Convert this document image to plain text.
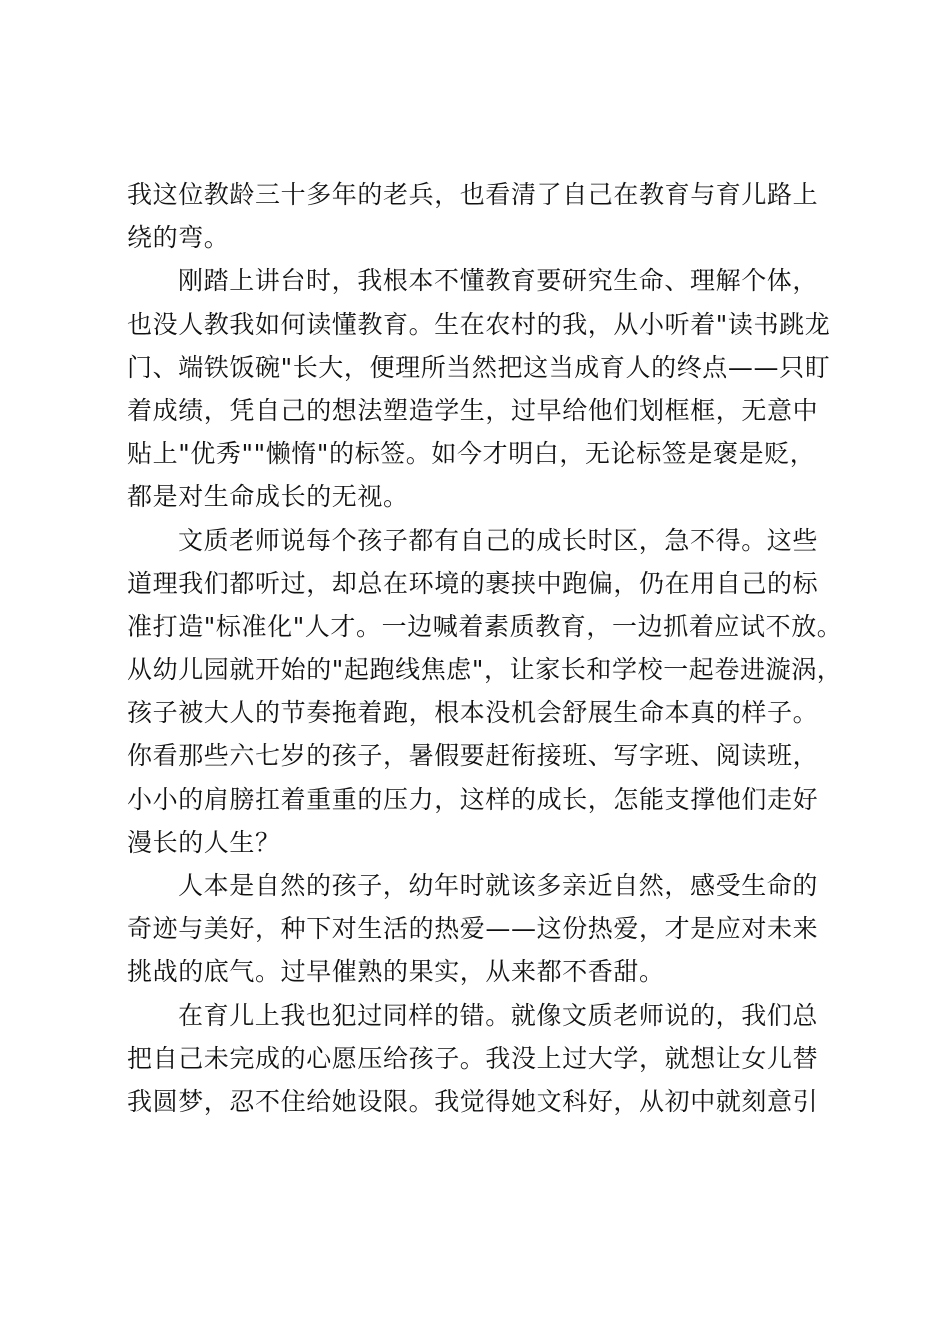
我这位教龄三十多年的老兵，也看清了自己在教育与育儿路上
绕的弯。
刚踏上讲台时，我根本不懂教育要研究生命、理解个体，
也没人教我如何读懂教育。生在农村的我，从小听着"读书跳龙
门、端铁饭碗"长大，便理所当然把这当成育人的终点——只盯
着成绩，凭自己的想法塑造学生，过早给他们划框框，无意中
贴上"优秀""懒惰"的标签。如今才明白，无论标签是褒是贬，
都是对生命成长的无视。
文质老师说每个孩子都有自己的成长时区，急不得。这些
道理我们都听过，却总在环境的裹挟中跑偏，仍在用自己的标
准打造"标准化"人才。一边喊着素质教育，一边抓着应试不放。
从幼儿园就开始的"起跑线焦虑"，让家长和学校一起卷进漩涡，
孩子被大人的节奏拖着跑，根本没机会舒展生命本真的样子。
你看那些六七岁的孩子，暑假要赶衔接班、写字班、阅读班，
小小的肩膀扛着重重的压力，这样的成长，怎能支撑他们走好
漫长的人生？
人本是自然的孩子，幼年时就该多亲近自然，感受生命的
奇迹与美好，种下对生活的热爱——这份热爱，才是应对未来
挑战的底气。过早催熟的果实，从来都不香甜。
在育儿上我也犯过同样的错。就像文质老师说的，我们总
把自己未完成的心愿压给孩子。我没上过大学，就想让女儿替
我圆梦，忍不住给她设限。我觉得她文科好，从初中就刻意引
